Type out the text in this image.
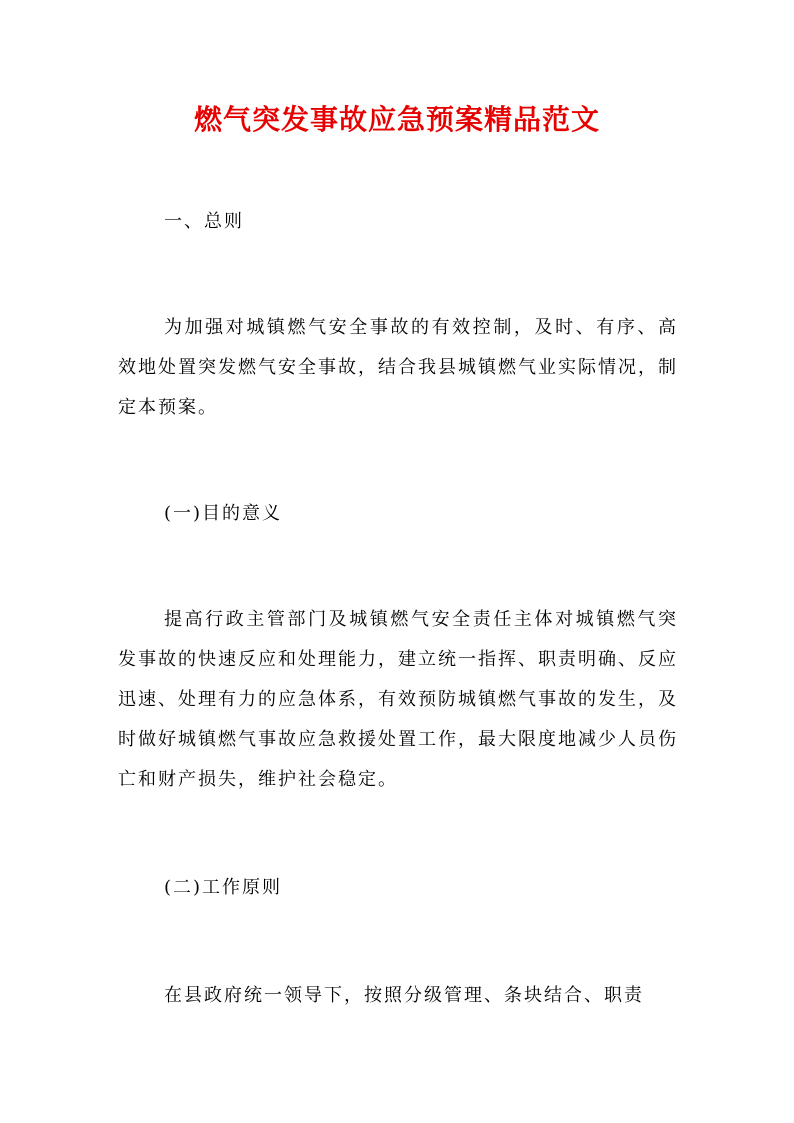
燃气突发事故应急预案精品范文
一、总则
为加强对城镇燃气安全事故的有效控制，及时、有序、高效地处置突发燃气安全事故，结合我县城镇燃气业实际情况，制定本预案。
(一)目的意义
提高行政主管部门及城镇燃气安全责任主体对城镇燃气突发事故的快速反应和处理能力，建立统一指挥、职责明确、反应迅速、处理有力的应急体系，有效预防城镇燃气事故的发生，及时做好城镇燃气事故应急救援处置工作，最大限度地减少人员伤亡和财产损失，维护社会稳定。
(二)工作原则
在县政府统一领导下，按照分级管理、条块结合、职责
